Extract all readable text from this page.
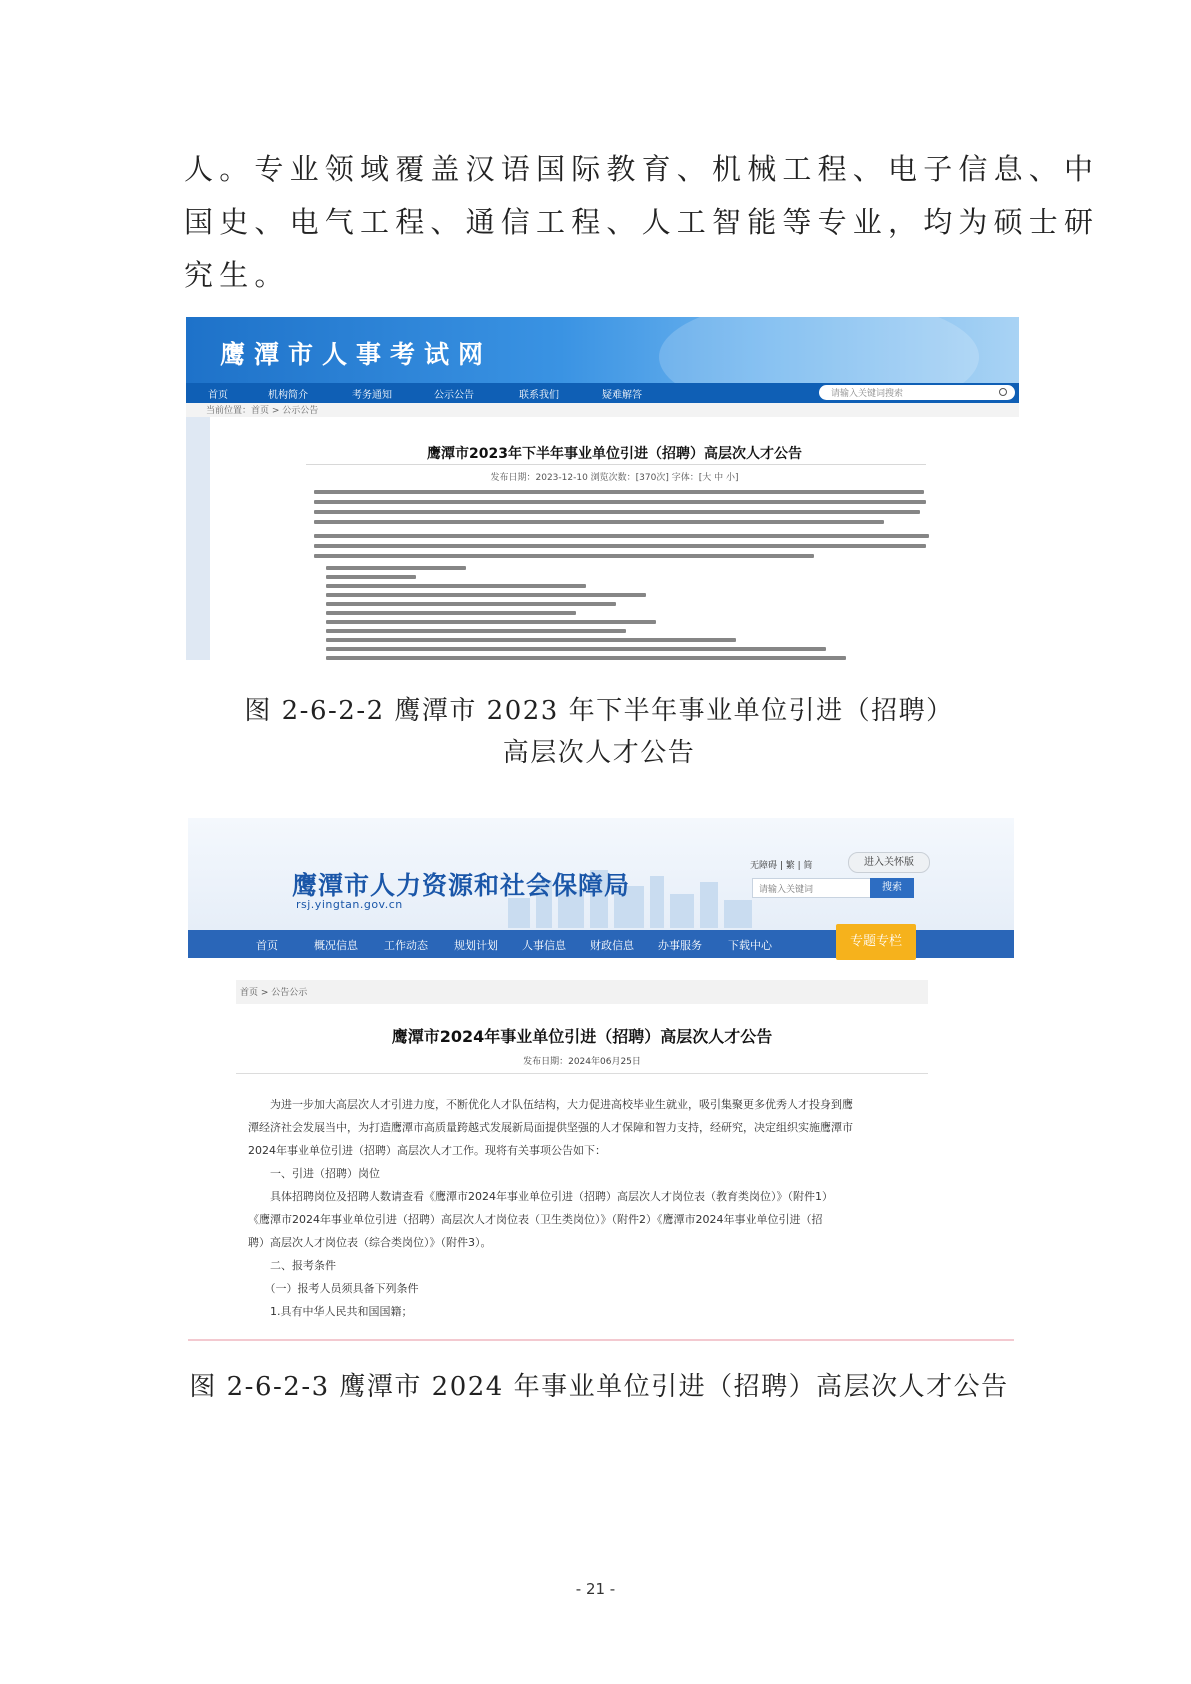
人。专业领域覆盖汉语国际教育、机械工程、电子信息、中
国史、电气工程、通信工程、人工智能等专业，均为硕士研
究生。
鹰潭市人事考试网
首页	机构简介	考务通知	公示公告	联系我们	疑难解答	请输入关键词搜索
当前位置：首页 > 公示公告
鹰潭市2023年下半年事业单位引进（招聘）高层次人才公告
发布日期：2023-12-10 浏览次数：[370次] 字体：[大 中 小]
图 2-6-2-2 鹰潭市 2023 年下半年事业单位引进（招聘）
高层次人才公告
鹰潭市人力资源和社会保障局
rsj.yingtan.gov.cn
无障碍 | 繁 | 简	进入关怀版
请输入关键词	搜索
首页	概况信息 工作动态 规划计划 人事信息 财政信息 办事服务 下载中心	专题专栏
首页 > 公告公示
鹰潭市2024年事业单位引进（招聘）高层次人才公告
发布日期：2024年06月25日
　　为进一步加大高层次人才引进力度，不断优化人才队伍结构，大力促进高校毕业生就业，吸引集聚更多优秀人才投身到鹰
潭经济社会发展当中，为打造鹰潭市高质量跨越式发展新局面提供坚强的人才保障和智力支持，经研究，决定组织实施鹰潭市
2024年事业单位引进（招聘）高层次人才工作。现将有关事项公告如下：
　　一、引进（招聘）岗位
　　具体招聘岗位及招聘人数请查看《鹰潭市2024年事业单位引进（招聘）高层次人才岗位表（教育类岗位）》（附件1）
《鹰潭市2024年事业单位引进（招聘）高层次人才岗位表（卫生类岗位）》（附件2）《鹰潭市2024年事业单位引进（招
聘）高层次人才岗位表（综合类岗位）》（附件3）。
　　二、报考条件
　　（一）报考人员须具备下列条件
　　1.具有中华人民共和国国籍；
图 2-6-2-3 鹰潭市 2024 年事业单位引进（招聘）高层次人才公告
- 21 -
